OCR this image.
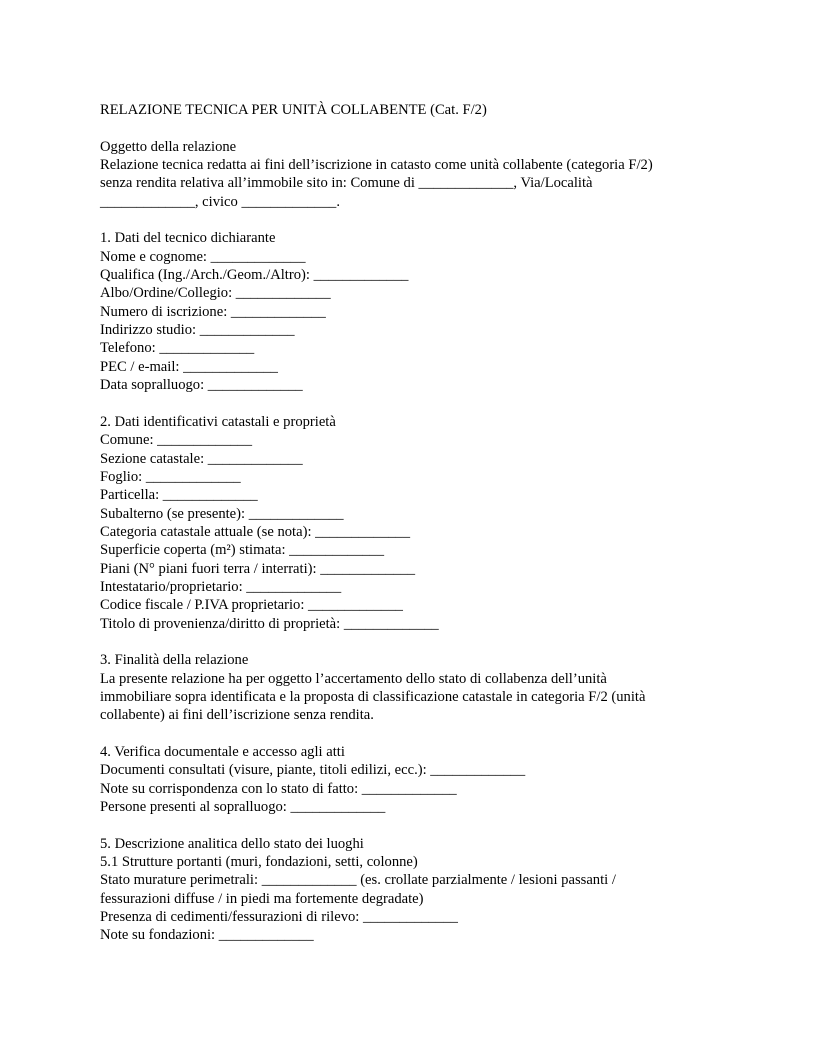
RELAZIONE TECNICA PER UNITÀ COLLABENTE (Cat. F/2)
Oggetto della relazione
Relazione tecnica redatta ai fini dell’iscrizione in catasto come unità collabente (categoria F/2)
senza rendita relativa all’immobile sito in: Comune di _____________, Via/Località
_____________, civico _____________.
1. Dati del tecnico dichiarante
Nome e cognome: _____________
Qualifica (Ing./Arch./Geom./Altro): _____________
Albo/Ordine/Collegio: _____________
Numero di iscrizione: _____________
Indirizzo studio: _____________
Telefono: _____________
PEC / e-mail: _____________
Data sopralluogo: _____________
2. Dati identificativi catastali e proprietà
Comune: _____________
Sezione catastale: _____________
Foglio: _____________
Particella: _____________
Subalterno (se presente): _____________
Categoria catastale attuale (se nota): _____________
Superficie coperta (m²) stimata: _____________
Piani (N° piani fuori terra / interrati): _____________
Intestatario/proprietario: _____________
Codice fiscale / P.IVA proprietario: _____________
Titolo di provenienza/diritto di proprietà: _____________
3. Finalità della relazione
La presente relazione ha per oggetto l’accertamento dello stato di collabenza dell’unità
immobiliare sopra identificata e la proposta di classificazione catastale in categoria F/2 (unità
collabente) ai fini dell’iscrizione senza rendita.
4. Verifica documentale e accesso agli atti
Documenti consultati (visure, piante, titoli edilizi, ecc.): _____________
Note su corrispondenza con lo stato di fatto: _____________
Persone presenti al sopralluogo: _____________
5. Descrizione analitica dello stato dei luoghi
5.1 Strutture portanti (muri, fondazioni, setti, colonne)
Stato murature perimetrali: _____________ (es. crollate parzialmente / lesioni passanti /
fessurazioni diffuse / in piedi ma fortemente degradate)
Presenza di cedimenti/fessurazioni di rilevo: _____________
Note su fondazioni: _____________
